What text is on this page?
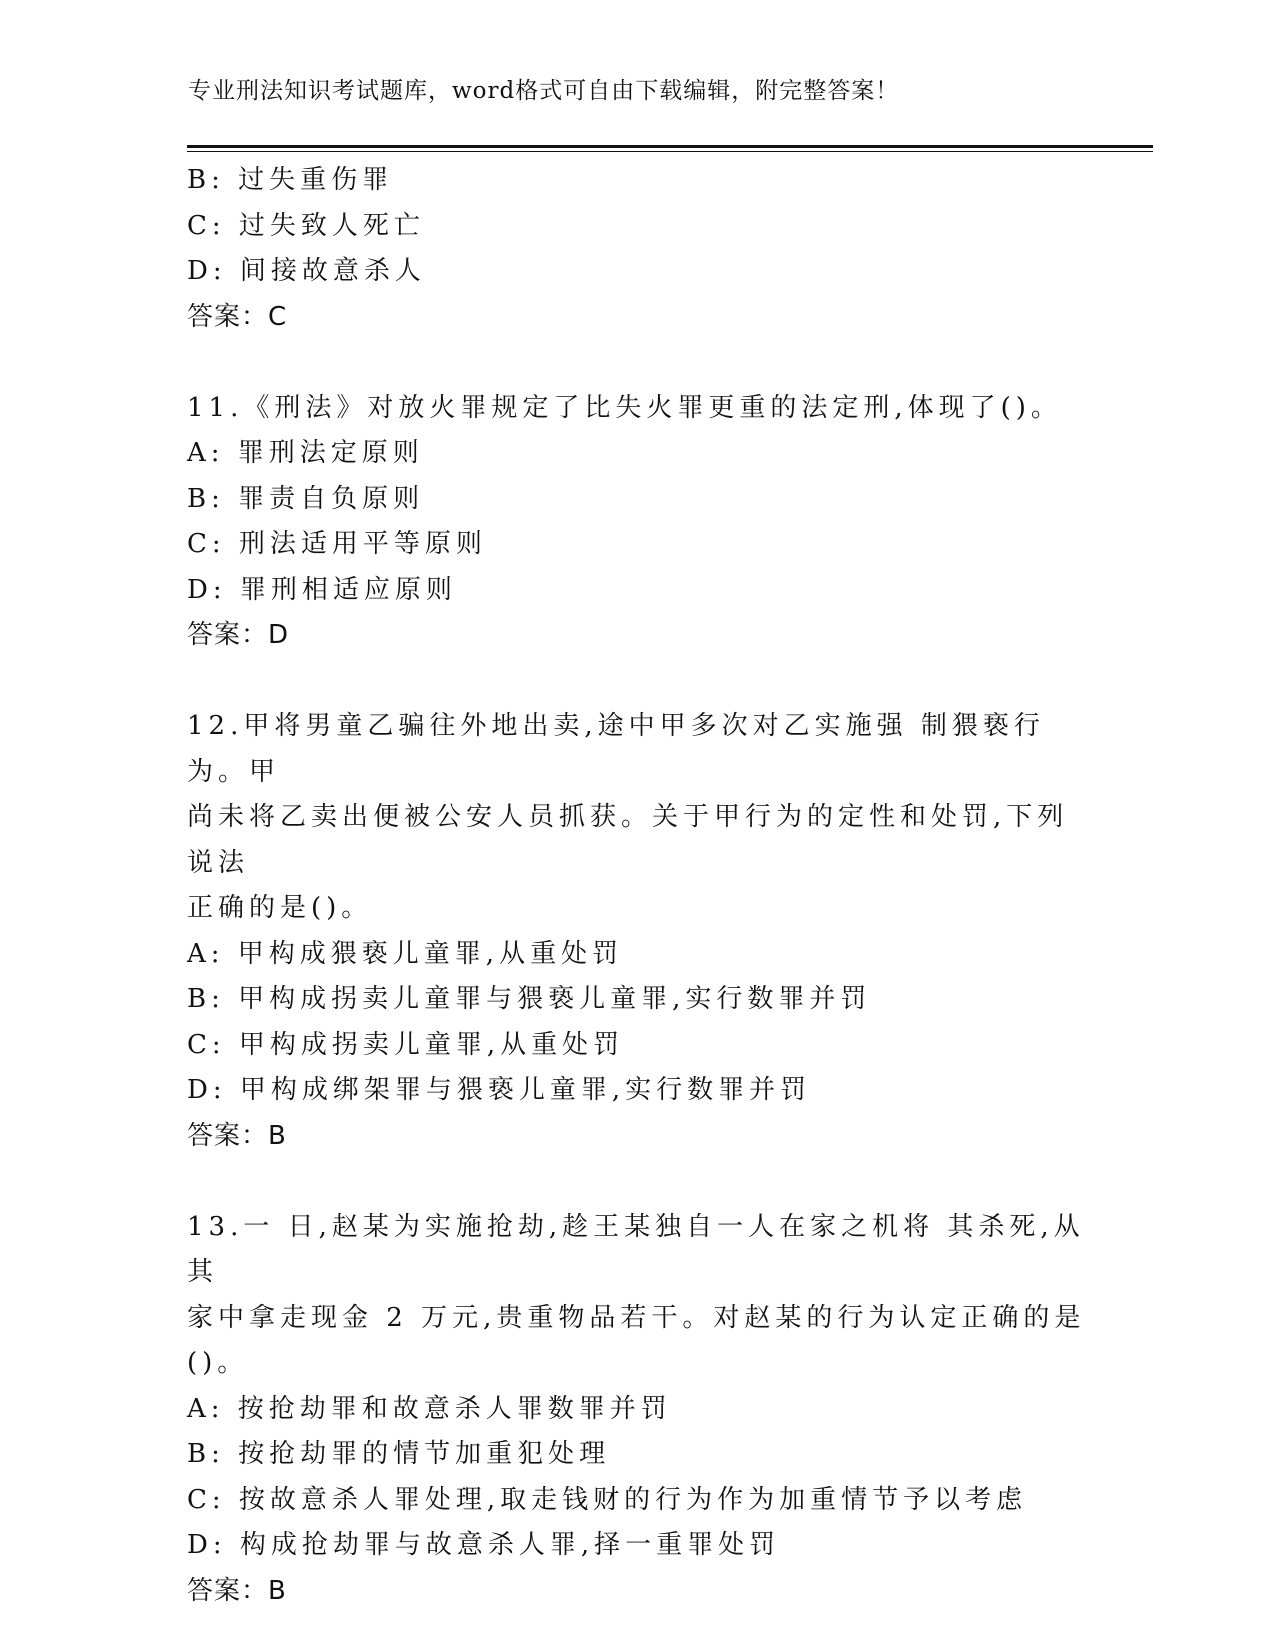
专业刑法知识考试题库，word格式可自由下载编辑，附完整答案！
B: 过失重伤罪
C: 过失致人死亡
D: 间接故意杀人
答案：C
11.《刑法》对放火罪规定了比失火罪更重的法定刑,体现了()。
A: 罪刑法定原则
B: 罪责自负原则
C: 刑法适用平等原则
D: 罪刑相适应原则
答案：D
12.甲将男童乙骗往外地出卖,途中甲多次对乙实施强 制猥亵行为。甲
尚未将乙卖出便被公安人员抓获。关于甲行为的定性和处罚,下列说法
正确的是()。
A: 甲构成猥亵儿童罪,从重处罚
B: 甲构成拐卖儿童罪与猥亵儿童罪,实行数罪并罚
C: 甲构成拐卖儿童罪,从重处罚
D: 甲构成绑架罪与猥亵儿童罪,实行数罪并罚
答案：B
13.一 日,赵某为实施抢劫,趁王某独自一人在家之机将 其杀死,从其
家中拿走现金 2 万元,贵重物品若干。对赵某的行为认定正确的是()。
A: 按抢劫罪和故意杀人罪数罪并罚
B: 按抢劫罪的情节加重犯处理
C: 按故意杀人罪处理,取走钱财的行为作为加重情节予以考虑
D: 构成抢劫罪与故意杀人罪,择一重罪处罚
答案：B
